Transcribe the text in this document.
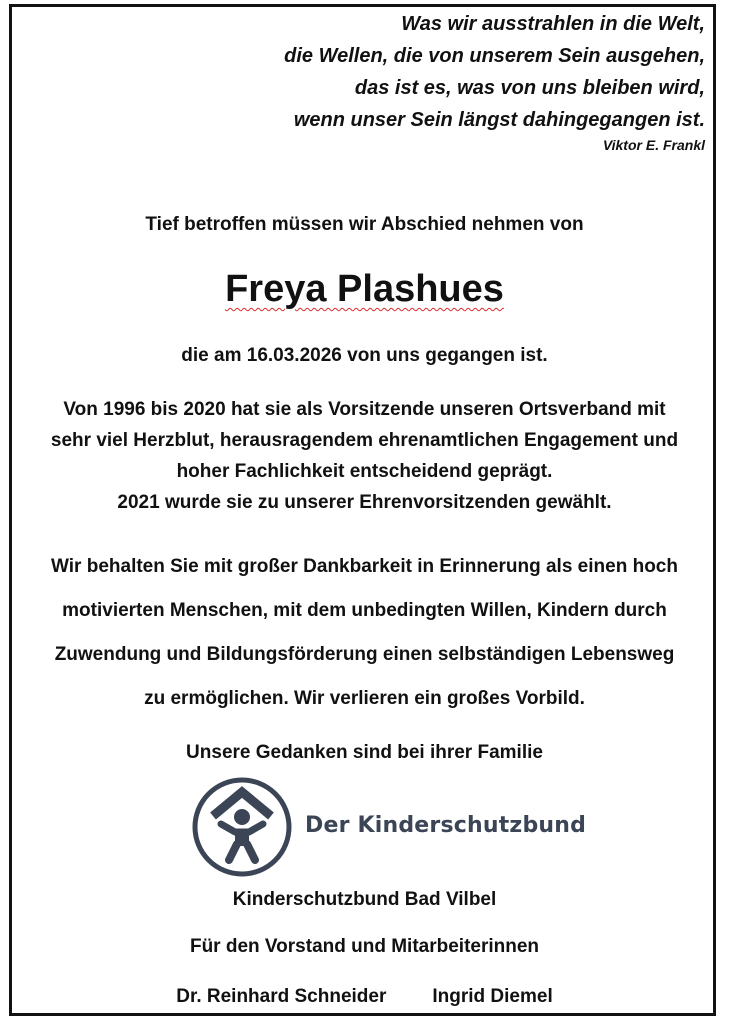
Was wir ausstrahlen in die Welt,
die Wellen, die von unserem Sein ausgehen,
das ist es, was von uns bleiben wird,
wenn unser Sein längst dahingegangen ist.
Viktor E. Frankl
Tief betroffen müssen wir Abschied nehmen von
Freya Plashues
die am 16.03.2026 von uns gegangen ist.
Von 1996 bis 2020 hat sie als Vorsitzende unseren Ortsverband mit
sehr viel Herzblut, herausragendem ehrenamtlichen Engagement und
hoher Fachlichkeit entscheidend geprägt.
2021 wurde sie zu unserer Ehrenvorsitzenden gewählt.
Wir behalten Sie mit großer Dankbarkeit in Erinnerung als einen hoch
motivierten Menschen, mit dem unbedingten Willen, Kindern durch
Zuwendung und Bildungsförderung einen selbständigen Lebensweg
zu ermöglichen. Wir verlieren ein großes Vorbild.
Unsere Gedanken sind bei ihrer Familie
Der Kinderschutzbund
Kinderschutzbund Bad Vilbel
Für den Vorstand und Mitarbeiterinnen
Dr. Reinhard Schneider Ingrid Diemel
